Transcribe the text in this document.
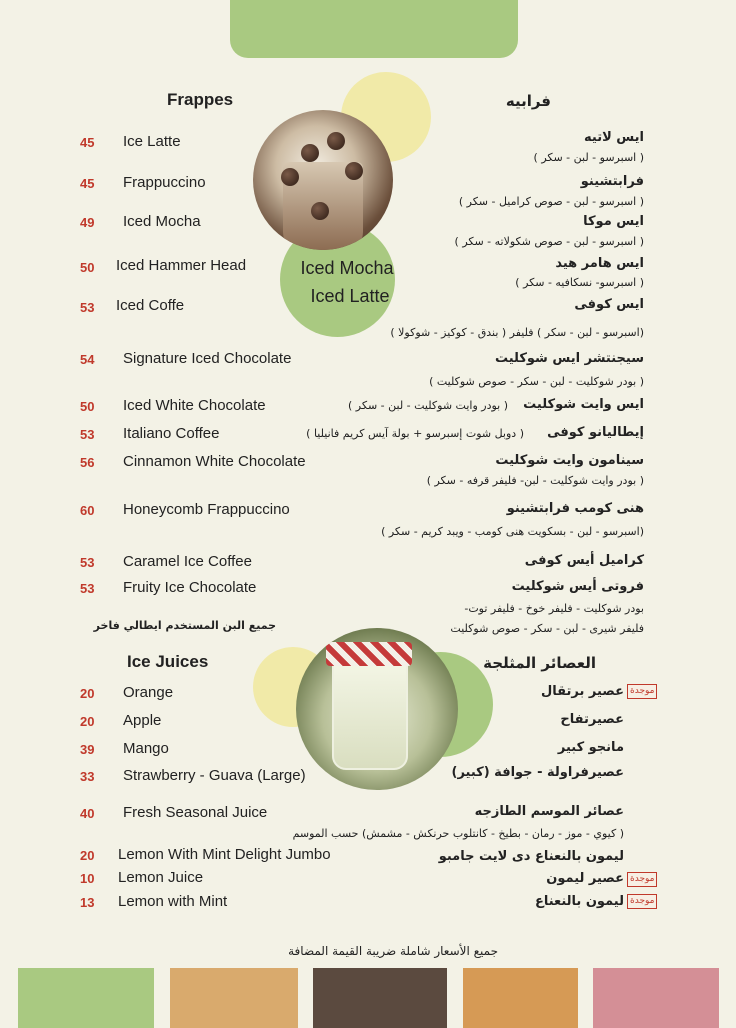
Iced Mocha
Iced Latte
Frappes	فرابيه
45	Ice Latte	ايس لاتيه
( اسبرسو - لبن - سكر )
45	Frappuccino	فرابتشينو
( اسبرسو - لبن - صوص كراميل - سكر )
49	Iced Mocha	ايس موكا
( اسبرسو - لبن - صوص شكولاته - سكر )
50	Iced Hammer Head	ايس هامر هيد
( اسبرسو- نسكافيه - سكر )
53	Iced Coffe	ايس كوفى
(اسبرسو - لبن - سكر ) فليفر ( بندق - كوكيز - شوكولا )
54	Signature Iced Chocolate	سيجنتشر ايس شوكليت
( بودر شوكليت - لبن - سكر - صوص شوكليت )
50	Iced White Chocolate	ايس وايت شوكليت
( بودر وايت شوكليت - لبن - سكر )
53	Italiano Coffee	إيطاليانو كوفى
( دوبل شوت إسبرسو + بولة آيس كريم فانيليا )
56	Cinnamon White Chocolate	سينامون وايت شوكليت
( بودر وايت شوكليت - لبن- فليفر قرفه - سكر )
60	Honeycomb Frappuccino	هنى كومب فرابتشينو
(اسبرسو - لبن - بسكويت هنى كومب - ويبد كريم - سكر )
53	Caramel Ice Coffee	كراميل أيس كوفى
53	Fruity Ice Chocolate	فروتى أيس شوكليت
بودر شوكليت - فليفر خوخ - فليفر توت-
فليفر شيرى - لبن - سكر - صوص شوكليت
جميع البن المستخدم ايطالي فاخر
Ice Juices	العصائر المثلجة
20	Orange	عصير برتقال موجدة
20	Apple	عصيرتفاح
39	Mango	مانجو كبير
33	Strawberry - Guava (Large)	عصيرفراولة - جوافة (كبير)
40	Fresh Seasonal Juice	عصائر الموسم الطازجه
( كيوي - موز - رمان - بطيخ - كانتلوب حرنكش - مشمش) حسب الموسم
20	Lemon With Mint Delight Jumbo	ليمون بالنعناع دى لايت جامبو
10	Lemon Juice	عصير ليمون موجدة
13	Lemon with Mint	ليمون بالنعناع موجدة
جميع الأسعار شاملة ضريبة القيمة المضافة
